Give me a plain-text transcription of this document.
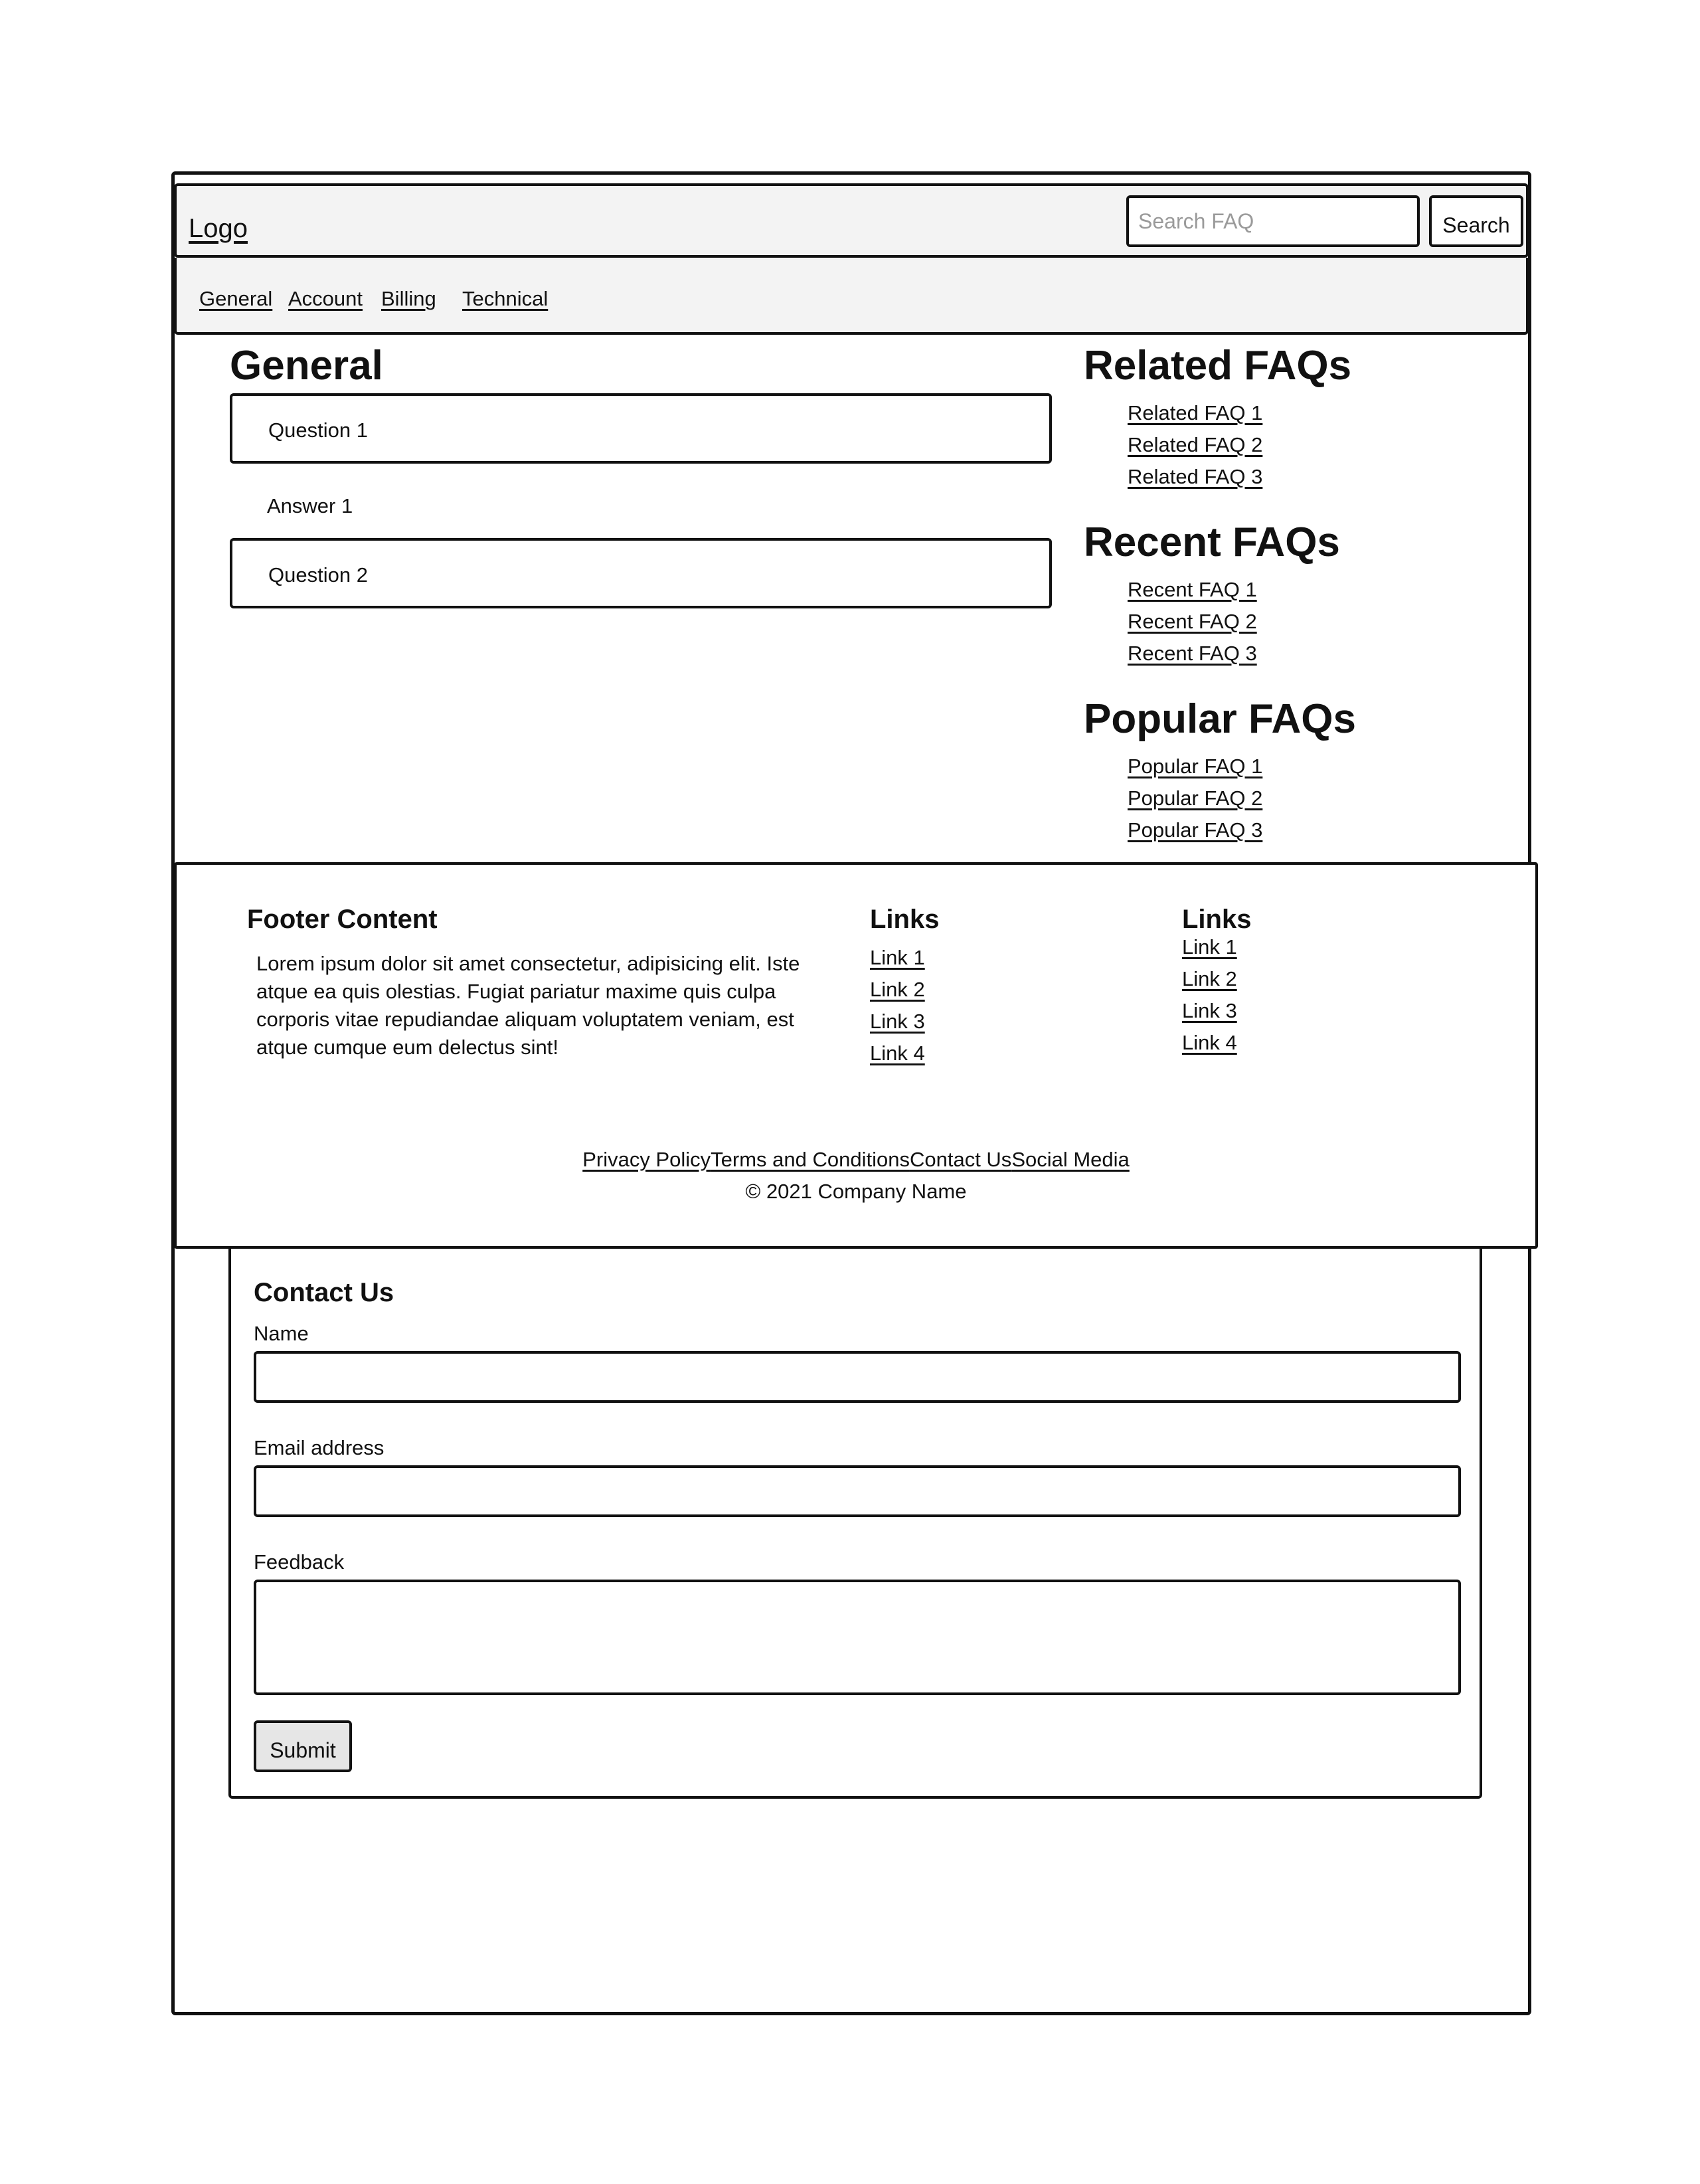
Logo
Search FAQ	Search
General Account Billing Technical
General
Question 1
Answer 1
Question 2
Related FAQs
Related FAQ 1
Related FAQ 2
Related FAQ 3
Recent FAQs
Recent FAQ 1
Recent FAQ 2
Recent FAQ 3
Popular FAQs
Popular FAQ 1
Popular FAQ 2
Popular FAQ 3
Footer Content

Lorem ipsum dolor sit amet consectetur, adipisicing elit. Iste atque ea quis olestias. Fugiat pariatur maxime quis culpa corporis vitae repudiandae aliquam voluptatem veniam, est atque cumque eum delectus sint!

Links
Link 1
Link 2
Link 3
Link 4
Links
Link 1
Link 2
Link 3
Link 4
Privacy PolicyTerms and ConditionsContact UsSocial Media
© 2021 Company Name
Contact Us
Name
Email address
Feedback
Submit
